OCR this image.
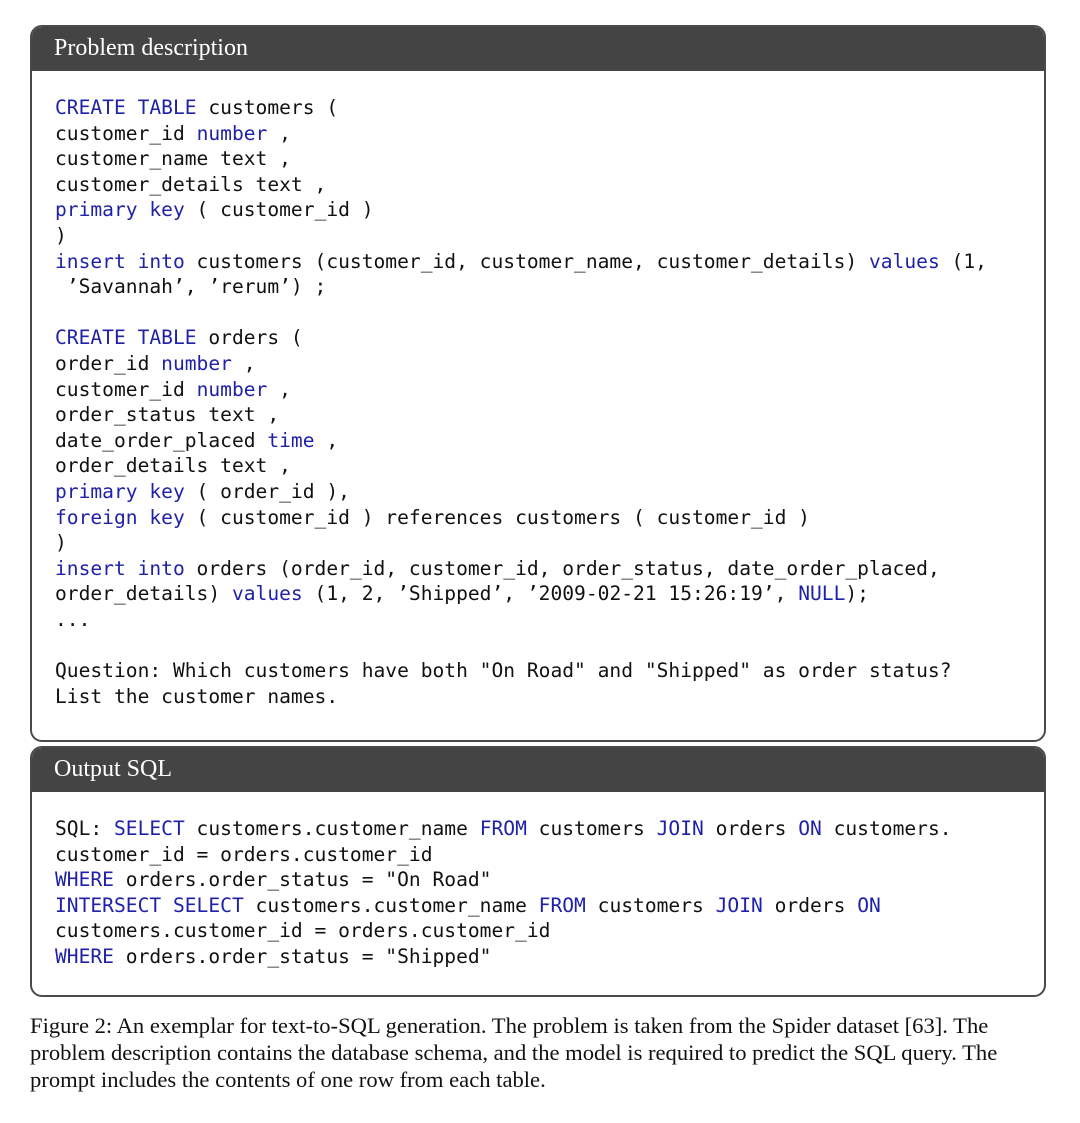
Problem description
CREATE TABLE customers (
customer_id number ,
customer_name text ,
customer_details text ,
primary key ( customer_id )
)
insert into customers (customer_id, customer_name, customer_details) values (1,
’Savannah’, ’rerum’) ;
CREATE TABLE orders (
order_id number ,
customer_id number ,
order_status text ,
date_order_placed time ,
order_details text ,
primary key ( order_id ),
foreign key ( customer_id ) references customers ( customer_id )
)
insert into orders (order_id, customer_id, order_status, date_order_placed,
order_details) values (1, 2, ’Shipped’, ’2009-02-21 15:26:19’, NULL);
...
Question: Which customers have both "On Road" and "Shipped" as order status?
List the customer names.
Output SQL
SQL: SELECT customers.customer_name FROM customers JOIN orders ON customers.
customer_id = orders.customer_id
WHERE orders.order_status = "On Road"
INTERSECT SELECT customers.customer_name FROM customers JOIN orders ON
customers.customer_id = orders.customer_id
WHERE orders.order_status = "Shipped"
Figure 2: An exemplar for text-to-SQL generation. The problem is taken from the Spider dataset [63]. The problem description contains the database schema, and the model is required to predict the SQL query. The prompt includes the contents of one row from each table.
